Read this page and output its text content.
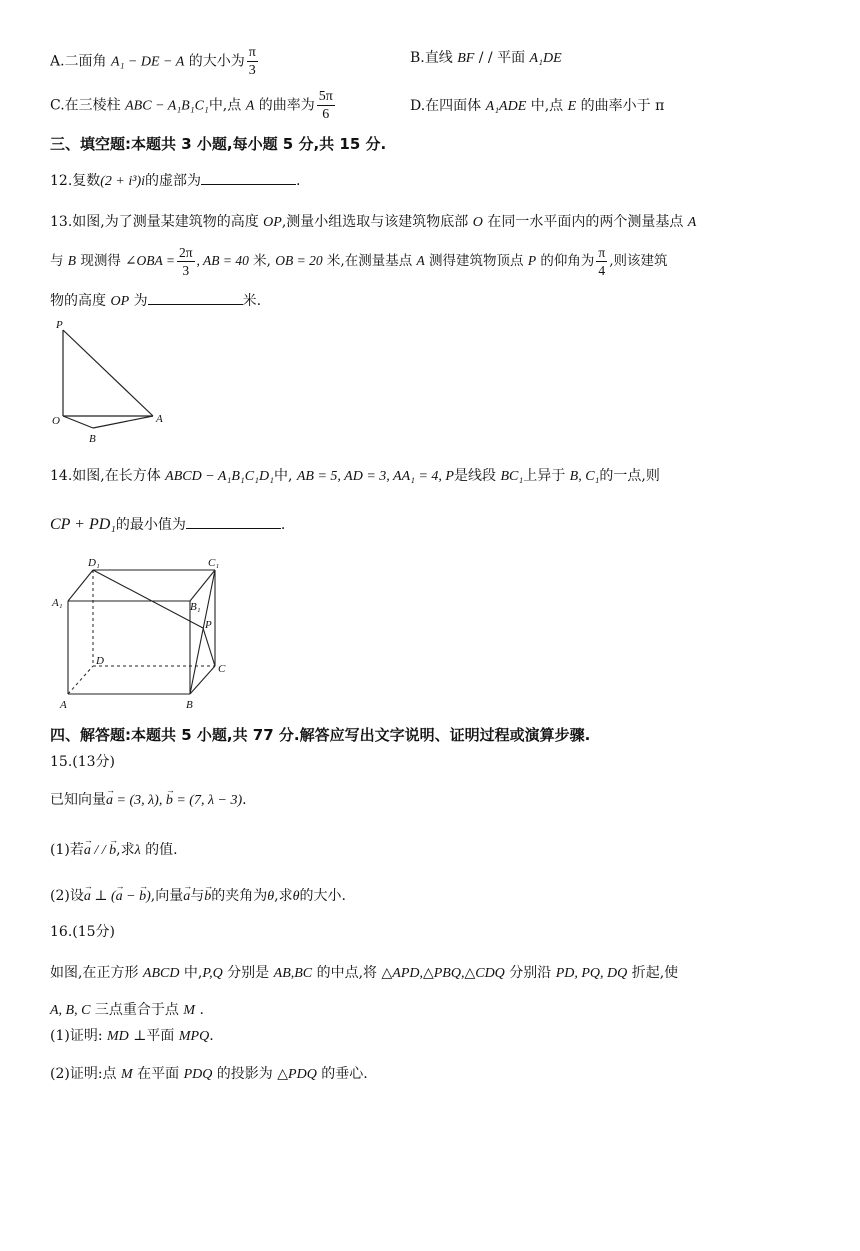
A.二面角 A₁ − DE − A 的大小为 $\frac{\pi}{3}$	B.直线 BF / / 平面 A₁DE
C.在三棱柱 ABC − A₁B₁C₁中,点 A 的曲率为 $\frac{5\pi}{6}$	D.在四面体 A₁ADE 中,点 E 的曲率小于 π
三、填空题:本题共 3 小题,每小题 5 分,共 15 分.
12.复数(2 + i³)i的虚部为	.
13.如图,为了测量某建筑物的高度 OP,测量小组选取与该建筑物底部 O 在同一水平面内的两个测量基点 A
与 B 现测得 ∠OBA = $\frac{2\pi}{3}$ , AB = 40 米, OB = 20 米,在测量基点 A 测得建筑物顶点 P 的仰角为 $\frac{\pi}{4}$ ,则该建筑
物的高度 OP 为	米.
P
O	A
B
14.如图,在长方体 ABCD − A₁B₁C₁D₁中, AB = 5, AD = 3, AA₁ = 4, P是线段 BC₁上异于 B, C₁的一点,则
CP + PD₁的最小值为	.
D₁	C₁
A₁	B₁
P
D
C
A	B
四、解答题:本题共 5 小题,共 77 分.解答应写出文字说明、证明过程或演算步骤.
15.(13分)
已知向量→ a = (3, λ), → b = (7, λ − 3).
(1)若→ a / / → b,求λ 的值.
(2)设→ a ⊥ (→ a − → b),向量→ a与→ b的夹角为θ,求θ的大小.
16.(15分)
如图,在正方形 ABCD 中,P,Q 分别是 AB,BC 的中点,将 △APD,△PBQ,△CDQ 分别沿 PD, PQ, DQ 折起,使
A, B, C 三点重合于点 M .
(1)证明: MD ⊥平面 MPQ.
(2)证明:点 M 在平面 PDQ 的投影为 △PDQ 的垂心.
